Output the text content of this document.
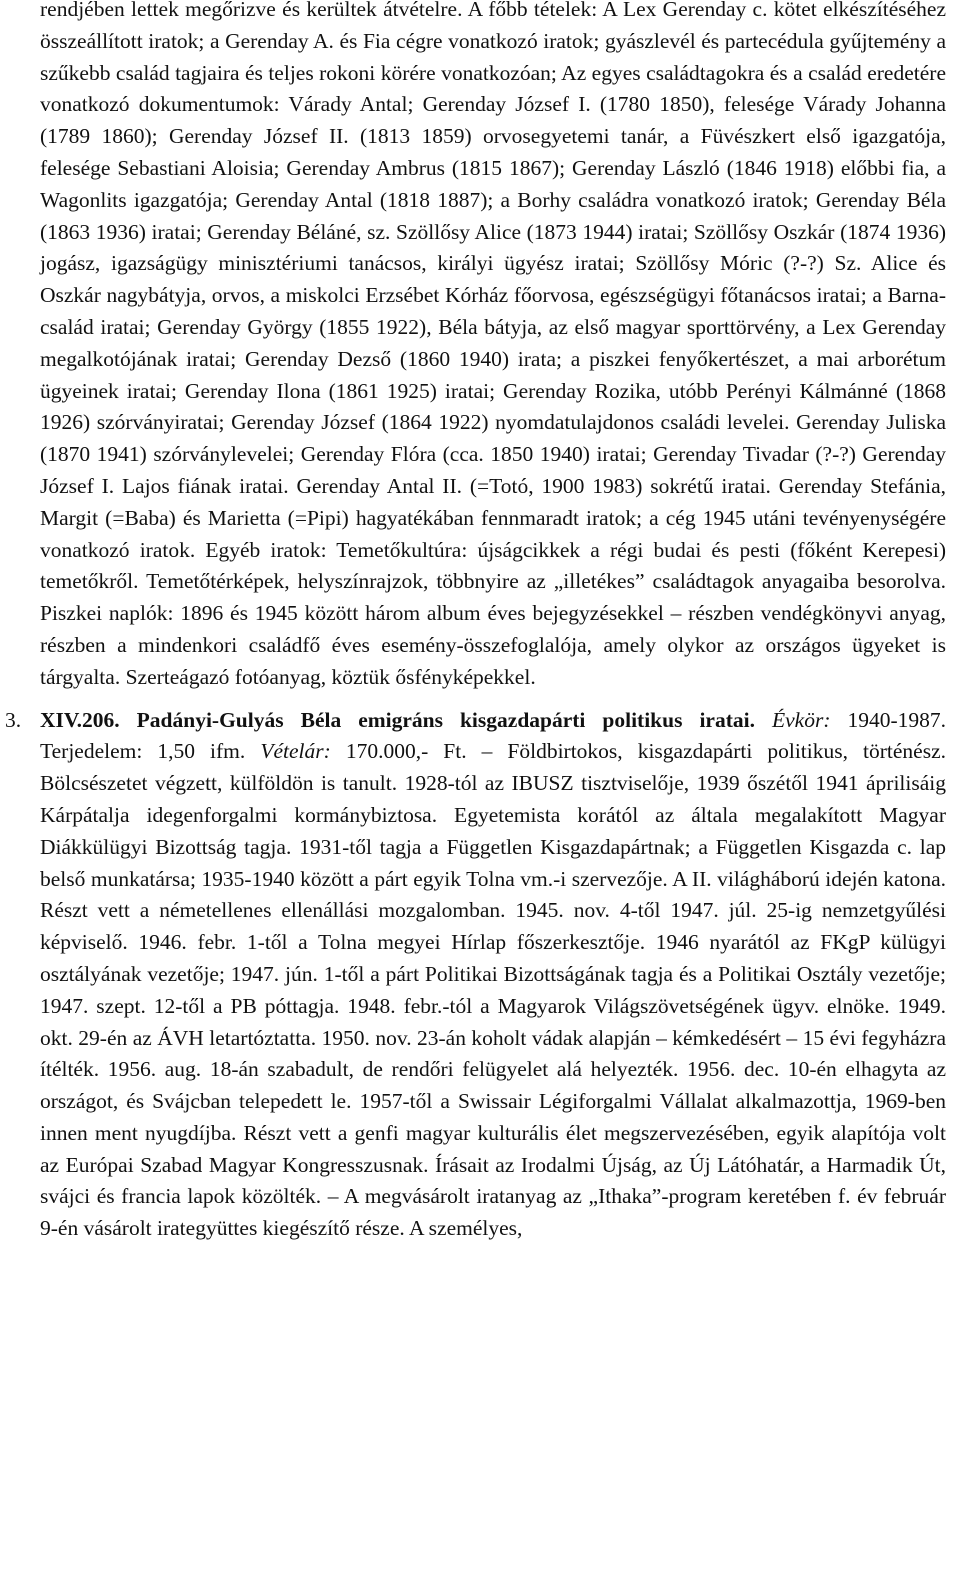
rendjében lettek megőrizve és kerültek átvételre. A főbb tételek: A Lex Gerenday c. kötet elkészítéséhez összeállított iratok; a Gerenday A. és Fia cégre vonatkozó iratok; gyászlevél és partecédula gyűjtemény a szűkebb család tagjaira és teljes rokoni körére vonatkozóan; Az egyes családtagokra és a család eredetére vonatkozó dokumentumok: Várady Antal; Gerenday József I. (1780 1850), felesége Várady Johanna (1789 1860); Gerenday József II. (1813 1859) orvosegyetemi tanár, a Füvészkert első igazgatója, felesége Sebastiani Aloisia; Gerenday Ambrus (1815 1867); Gerenday László (1846 1918) előbbi fia, a Wagonlits igazgatója; Gerenday Antal (1818 1887); a Borhy családra vonatkozó iratok; Gerenday Béla (1863 1936) iratai; Gerenday Béláné, sz. Szöllősy Alice (1873 1944) iratai; Szöllősy Oszkár (1874 1936) jogász, igazságügy minisztériumi tanácsos, királyi ügyész iratai; Szöllősy Móric (?-?) Sz. Alice és Oszkár nagybátyja, orvos, a miskolci Erzsébet Kórház főorvosa, egészségügyi főtanácsos iratai; a Barna-család iratai; Gerenday György (1855 1922), Béla bátyja, az első magyar sporttörvény, a Lex Gerenday megalkotójának iratai; Gerenday Dezső (1860 1940) irata; a piszkei fenyőkertészet, a mai arborétum ügyeinek iratai; Gerenday Ilona (1861 1925) iratai; Gerenday Rozika, utóbb Perényi Kálmánné (1868 1926) szórványiratai; Gerenday József (1864 1922) nyomdatulajdonos családi levelei. Gerenday Juliska (1870 1941) szórványlevelei; Gerenday Flóra (cca. 1850 1940) iratai; Gerenday Tivadar (?-?) Gerenday József I. Lajos fiának iratai. Gerenday Antal II. (=Totó, 1900 1983) sokrétű iratai. Gerenday Stefánia, Margit (=Baba) és Marietta (=Pipi) hagyatékában fennmaradt iratok; a cég 1945 utáni tevényenységére vonatkozó iratok. Egyéb iratok: Temetőkultúra: újságcikkek a régi budai és pesti (főként Kerepesi) temetőkről. Temetőtérképek, helyszínrajzok, többnyire az „illetékes” családtagok anyagaiba besorolva. Piszkei naplók: 1896 és 1945 között három album éves bejegyzésekkel – részben vendégkönyvi anyag, részben a mindenkori családfő éves esemény-összefoglalója, amely olykor az országos ügyeket is tárgyalta. Szerteágazó fotóanyag, köztük ősfényképekkel.

3. XIV.206. Padányi-Gulyás Béla emigráns kisgazdapárti politikus iratai. Évkör: 1940-1987. Terjedelem: 1,50 ifm. Vételár: 170.000,- Ft. – Földbirtokos, kisgazdapárti politikus, történész. Bölcsészetet végzett, külföldön is tanult. 1928-tól az IBUSZ tisztviselője, 1939 őszétől 1941 áprilisáig Kárpátalja idegenforgalmi kormánybiztosa. Egyetemista korától az általa megalakított Magyar Diákkülügyi Bizottság tagja. 1931-től tagja a Független Kisgazdapártnak; a Független Kisgazda c. lap belső munkatársa; 1935-1940 között a párt egyik Tolna vm.-i szervezője. A II. világháború idején katona. Részt vett a németellenes ellenállási mozgalomban. 1945. nov. 4-től 1947. júl. 25-ig nemzetgyűlési képviselő. 1946. febr. 1-től a Tolna megyei Hírlap főszerkesztője. 1946 nyarától az FKgP külügyi osztályának vezetője; 1947. jún. 1-től a párt Politikai Bizottságának tagja és a Politikai Osztály vezetője; 1947. szept. 12-től a PB póttagja. 1948. febr.-tól a Magyarok Világszövetségének ügyv. elnöke. 1949. okt. 29-én az ÁVH letartóztatta. 1950. nov. 23-án koholt vádak alapján – kémkedésért – 15 évi fegyházra ítélték. 1956. aug. 18-án szabadult, de rendőri felügyelet alá helyezték. 1956. dec. 10-én elhagyta az országot, és Svájcban telepedett le. 1957-től a Swissair Légiforgalmi Vállalat alkalmazottja, 1969-ben innen ment nyugdíjba. Részt vett a genfi magyar kulturális élet megszervezésében, egyik alapítója volt az Európai Szabad Magyar Kongresszusnak. Írásait az Irodalmi Újság, az Új Látóhatár, a Harmadik Út, svájci és francia lapok közölték. – A megvásárolt iratanyag az „Ithaka”-program keretében f. év február 9-én vásárolt irategyüttes kiegészítő része. A személyes,
